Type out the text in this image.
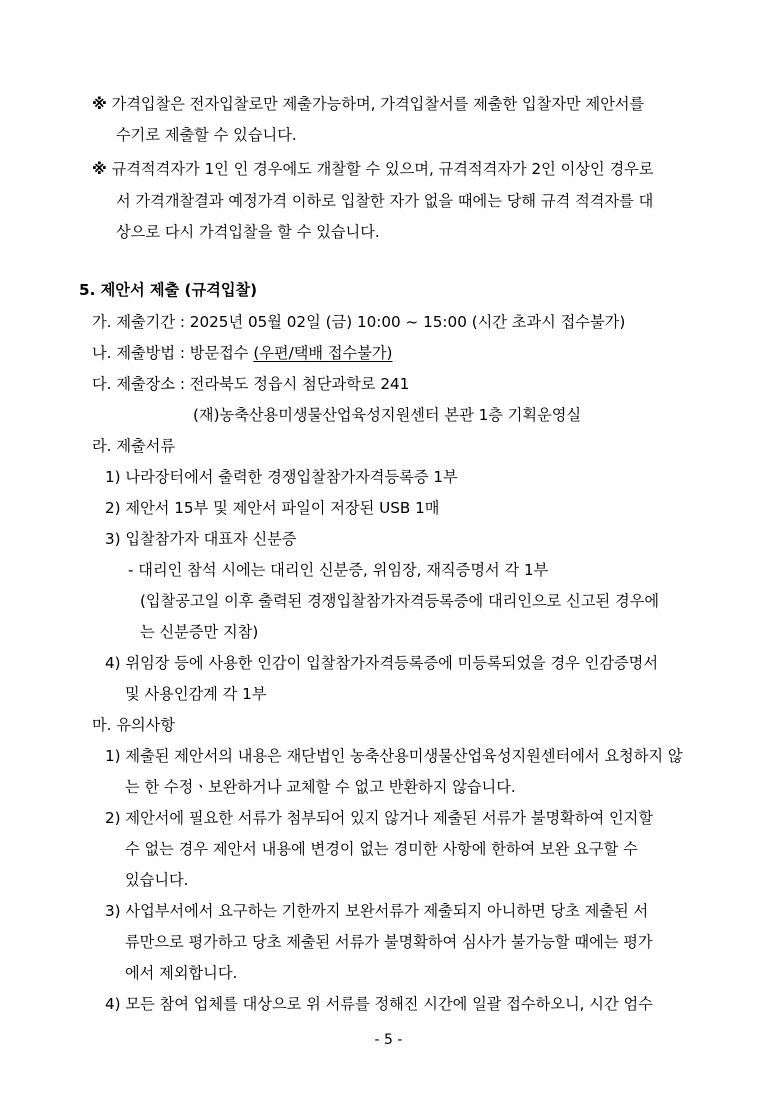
※ 가격입찰은 전자입찰로만 제출가능하며, 가격입찰서를 제출한 입찰자만 제안서를
수기로 제출할 수 있습니다.
※ 규격적격자가 1인 인 경우에도 개찰할 수 있으며, 규격적격자가 2인 이상인 경우로
서 가격개찰결과 예정가격 이하로 입찰한 자가 없을 때에는 당해 규격 적격자를 대
상으로 다시 가격입찰을 할 수 있습니다.
5. 제안서 제출 (규격입찰)
가. 제출기간 : 2025년 05월 02일 (금) 10:00 ~ 15:00 (시간 초과시 접수불가)
나. 제출방법 : 방문접수 (우편/택배 접수불가)
다. 제출장소 : 전라북도 정읍시 첨단과학로 241
(재)농축산용미생물산업육성지원센터 본관 1층 기획운영실
라. 제출서류
1) 나라장터에서 출력한 경쟁입찰참가자격등록증 1부
2) 제안서 15부 및 제안서 파일이 저장된 USB 1매
3) 입찰참가자 대표자 신분증
- 대리인 참석 시에는 대리인 신분증, 위임장, 재직증명서 각 1부
(입찰공고일 이후 출력된 경쟁입찰참가자격등록증에 대리인으로 신고된 경우에
는 신분증만 지참)
4) 위임장 등에 사용한 인감이 입찰참가자격등록증에 미등록되었을 경우 인감증명서
및 사용인감계 각 1부
마. 유의사항
1) 제출된 제안서의 내용은 재단법인 농축산용미생물산업육성지원센터에서 요청하지 않
는 한 수정ㆍ보완하거나 교체할 수 없고 반환하지 않습니다.
2) 제안서에 필요한 서류가 첨부되어 있지 않거나 제출된 서류가 불명확하여 인지할
수 없는 경우 제안서 내용에 변경이 없는 경미한 사항에 한하여 보완 요구할 수
있습니다.
3) 사업부서에서 요구하는 기한까지 보완서류가 제출되지 아니하면 당초 제출된 서
류만으로 평가하고 당초 제출된 서류가 불명확하여 심사가 불가능할 때에는 평가
에서 제외합니다.
4) 모든 참여 업체를 대상으로 위 서류를 정해진 시간에 일괄 접수하오니, 시간 엄수
- 5 -
